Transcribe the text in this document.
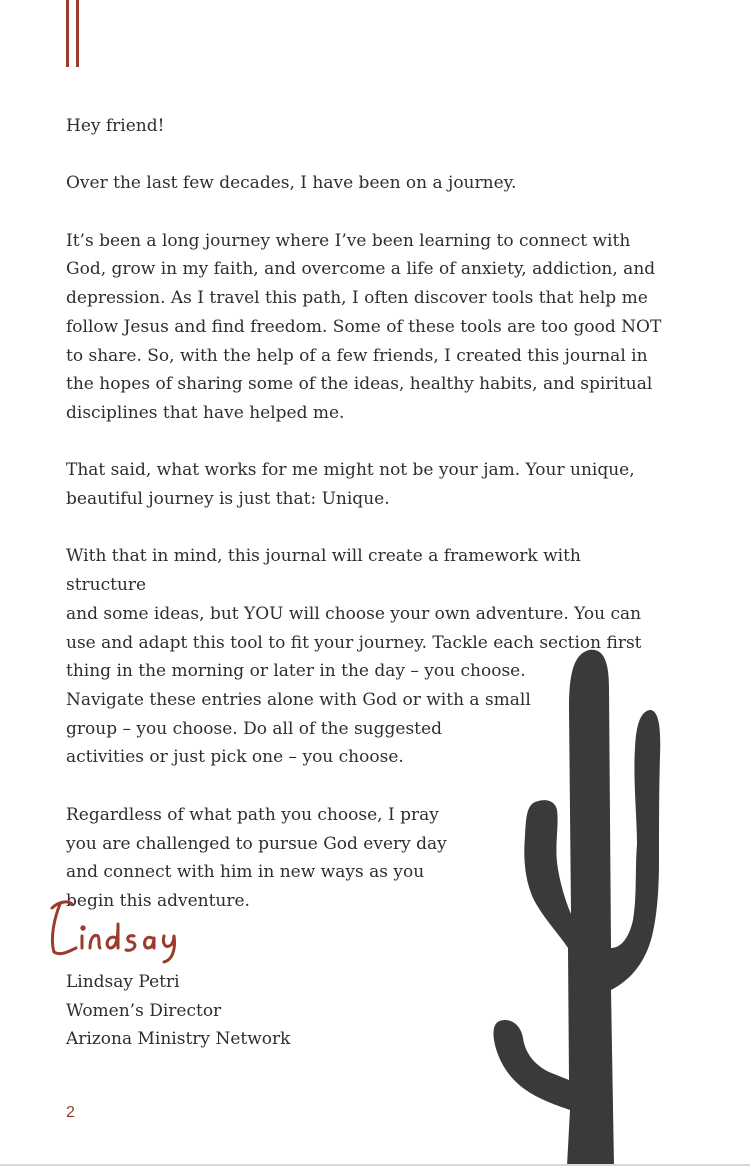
Hey friend!

Over the last few decades, I have been on a journey.

It’s been a long journey where I’ve been learning to connect with
God, grow in my faith, and overcome a life of anxiety, addiction, and
depression. As I travel this path, I often discover tools that help me
follow Jesus and find freedom. Some of these tools are too good NOT
to share. So, with the help of a few friends, I created this journal in
the hopes of sharing some of the ideas, healthy habits, and spiritual
disciplines that have helped me.

That said, what works for me might not be your jam. Your unique,
beautiful journey is just that: Unique.

With that in mind, this journal will create a framework with structure
and some ideas, but YOU will choose your own adventure. You can
use and adapt this tool to fit your journey. Tackle each section first
thing in the morning or later in the day – you choose.
Navigate these entries alone with God or with a small
group – you choose. Do all of the suggested
activities or just pick one – you choose.

Regardless of what path you choose, I pray
you are challenged to pursue God every day
and connect with him in new ways as you
begin this adventure.

Lindsay Petri
Women’s Director
Arizona Ministry Network
2
